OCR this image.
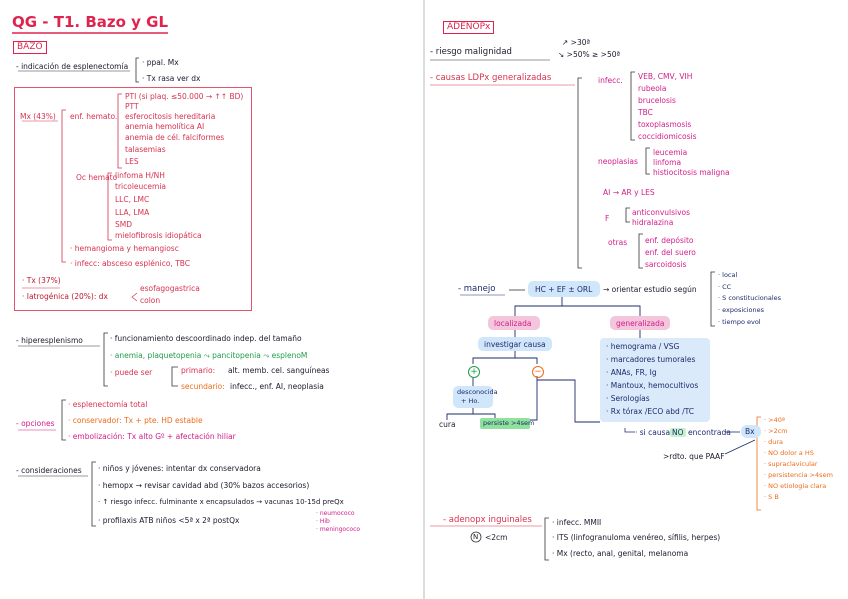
QG - T1. Bazo y GL
BAZO
- indicación de esplenectomía · ppal. Mx
· Tx rasa ver dx
Mx (43%) enf. hemato.
PTI (si plaq. ≤50.000 → ↑↑ BD)
PTT
esferocitosis hereditaria
anemia hemolítica AI
anemia de cél. falciformes
talasemias
LES
Oc hemato
linfoma H/NH
tricoleucemia
LLC, LMC
LLA, LMA
SMD
mielofibrosis idiopática
· hemangioma y hemangiosc
· infecc: absceso esplénico, TBC
· Tx (37%)
· Iatrogénica (20%): dx
esofagogastrica
colon
- hiperesplenismo	· funcionamiento descoordinado indep. del tamaño
· anemia, plaquetopenia ⤳ pancitopenia ⤳ esplenoM
· puede ser	primario: alt. memb. cel. sanguíneas
secundario: infecc., enf. AI, neoplasia
- opciones
· esplenectomía total
· conservador: Tx + pte. HD estable
· embolización: Tx alto Gº + afectación hiliar
- consideraciones · niños y jóvenes: intentar dx conservadora
· hemopx → revisar cavidad abd (30% bazos accesorios)
· ↑ riesgo infecc. fulminante x encapsulados → vacunas 10-15d preQx
· profilaxis ATB niños <5ª x 2ª postQx
· neumococo
· Hib
· meningococo
ADENOPx
- riesgo malignidad
↗ >30ª
↘ >50% ≥ >50ª
- causas LDPx generalizadas	infecc. VEB, CMV, VIH
rubeola
brucelosis
TBC
toxoplasmosis
coccidiomicosis
neoplasias
leucemia
linfoma
histiocitosis maligna
AI → AR y LES
F
anticonvulsivos
hidralazina
otras enf. depósito
enf. del suero
sarcoidosis
- manejo	HC + EF ± ORL → orientar estudio según
· local
· CC
· S constitucionales
· exposiciones
· tiempo evol
localizada	generalizada
investigar causa
+	−
desconocida
+ Ho.
cura	persiste >4sem
· hemograma / VSG
· marcadores tumorales
· ANAs, FR, Ig
· Mantoux, hemocultivos
· Serologías
· Rx tórax /ECO abd /TC
· si causa NO encontrada Bx
>rdto. que PAAF
· >40ª
· >2cm
· dura
· NO dolor a HS
· supraclavicular
· persistencia >4sem
· NO etiología clara
· S B
- adenopx inguinales
N <2cm
· infecc. MMII
· ITS (linfogranuloma venéreo, sífilis, herpes)
· Mx (recto, anal, genital, melanoma
